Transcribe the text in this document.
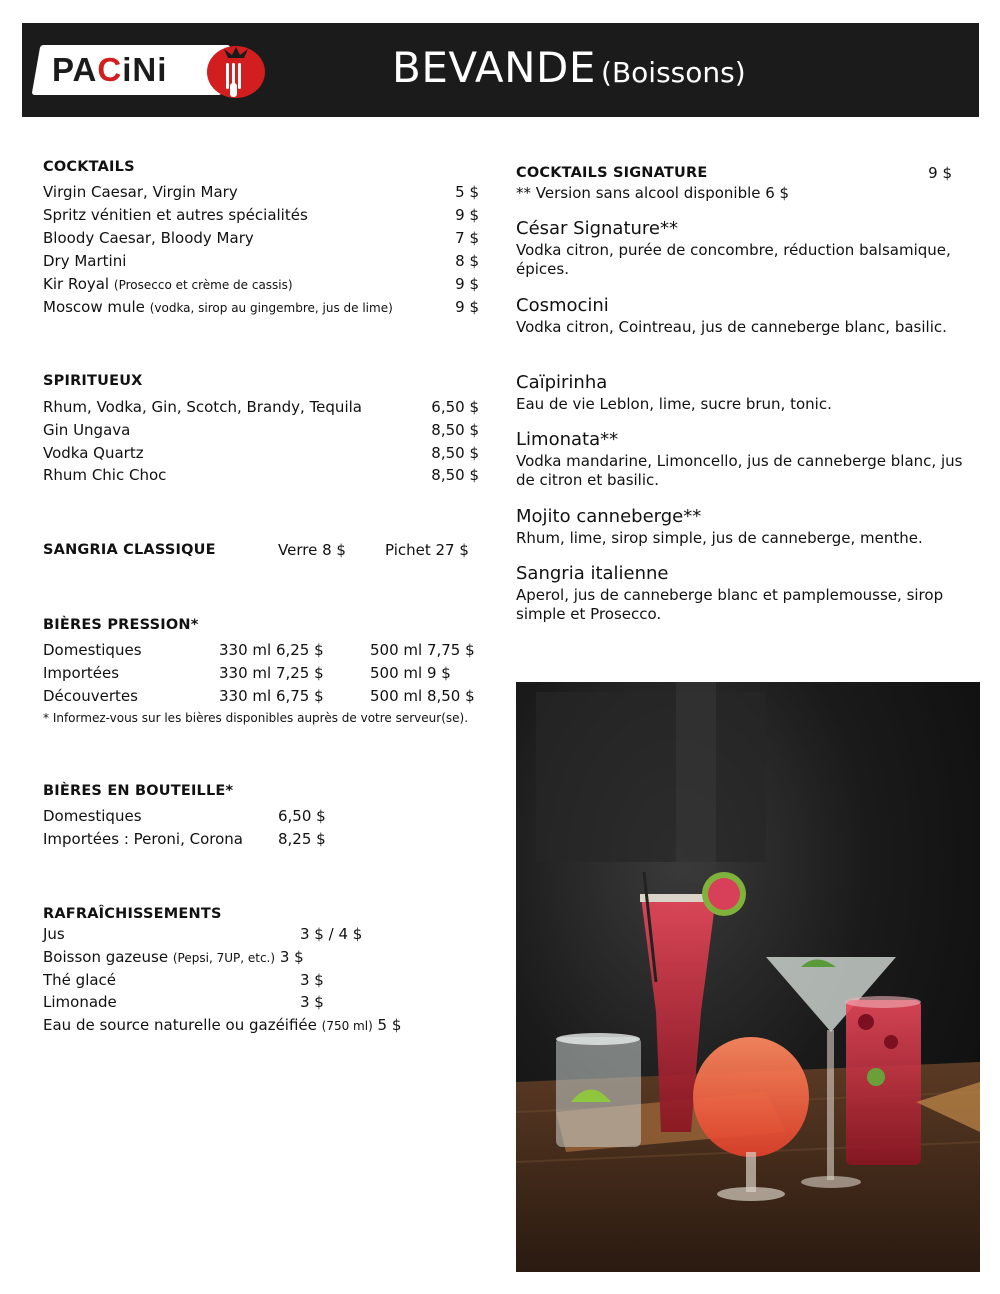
PACiNi	BEVANDE (Boissons)
COCKTAILS
Virgin Caesar, Virgin Mary	5 $
Spritz vénitien et autres spécialités	9 $
Bloody Caesar, Bloody Mary	7 $
Dry Martini	8 $
Kir Royal (Prosecco et crème de cassis)	9 $
Moscow mule (vodka, sirop au gingembre, jus de lime)	9 $
SPIRITUEUX
Rhum, Vodka, Gin, Scotch, Brandy, Tequila	6,50 $
Gin Ungava	8,50 $
Vodka Quartz	8,50 $
Rhum Chic Choc	8,50 $
SANGRIA CLASSIQUE	Verre 8 $	Pichet 27 $
BIÈRES PRESSION*
Domestiques	330 ml 6,25 $	500 ml 7,75 $
Importées	330 ml 7,25 $	500 ml 9 $
Découvertes	330 ml 6,75 $	500 ml 8,50 $
* Informez-vous sur les bières disponibles auprès de votre serveur(se).
BIÈRES EN BOUTEILLE*
Domestiques	6,50 $
Importées : Peroni, Corona 8,25 $
RAFRAÎCHISSEMENTS
Jus	3 $ / 4 $
Boisson gazeuse (Pepsi, 7UP, etc.) 3 $
Thé glacé	3 $
Limonade	3 $
Eau de source naturelle ou gazéifiée (750 ml) 5 $
COCKTAILS SIGNATURE	9 $
** Version sans alcool disponible 6 $
César Signature**
Vodka citron, purée de concombre, réduction balsamique, épices.
Cosmocini
Vodka citron, Cointreau, jus de canneberge blanc, basilic.
Caïpirinha
Eau de vie Leblon, lime, sucre brun, tonic.
Limonata**
Vodka mandarine, Limoncello, jus de canneberge blanc, jus de citron et basilic.
Mojito canneberge**
Rhum, lime, sirop simple, jus de canneberge, menthe.
Sangria italienne
Aperol, jus de canneberge blanc et pamplemousse, sirop simple et Prosecco.
